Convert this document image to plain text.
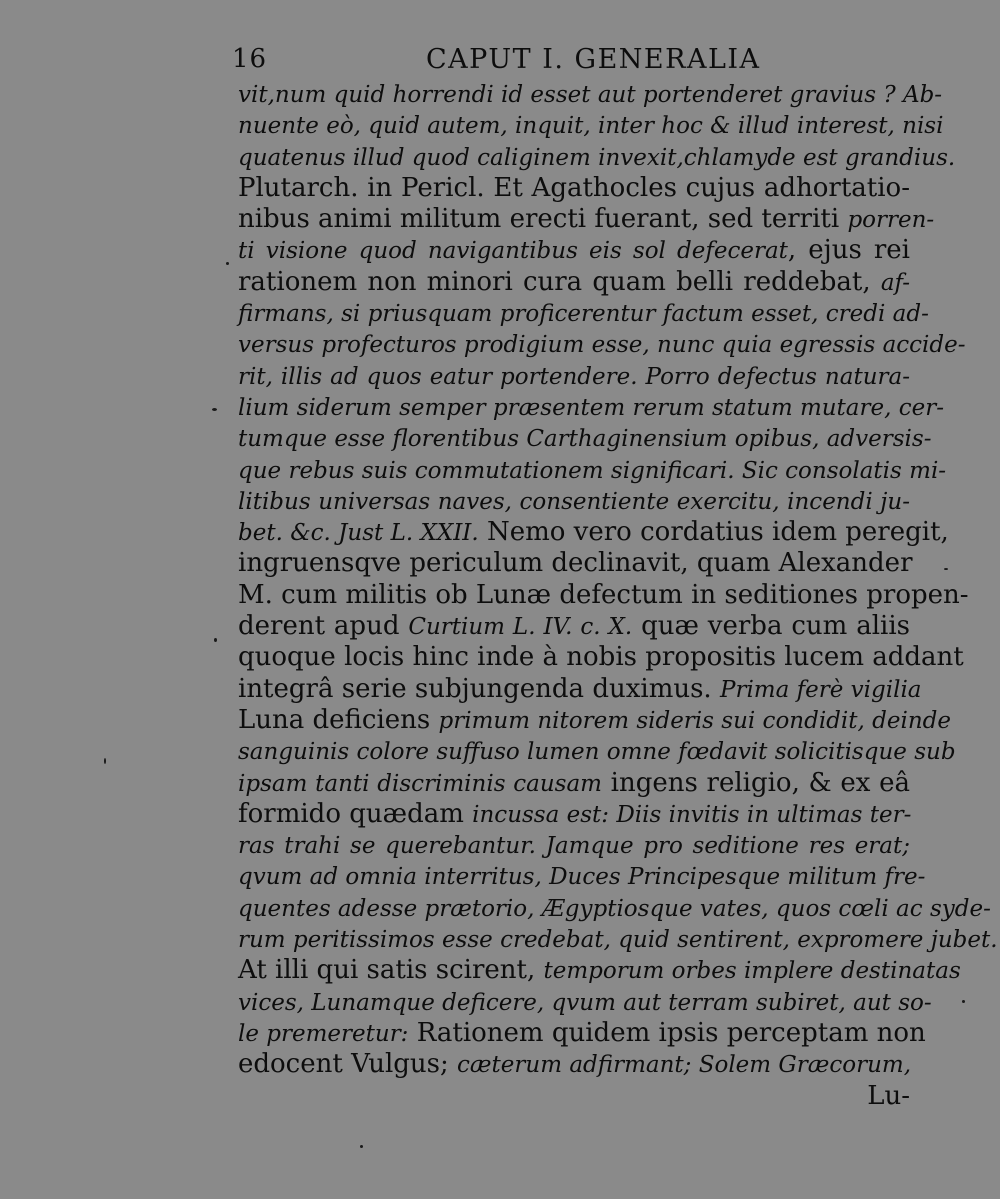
16	CAPUT I. GENERALIA
vit,num quid horrendi id esset aut portenderet gravius ? Ab-
nuente eò, quid autem, inquit, inter hoc & illud interest, nisi
quatenus illud quod caliginem invexit,chlamyde est grandius.
Plutarch. in Pericl. Et Agathocles cujus adhortatio-
nibus animi militum erecti fuerant, sed territi porren-
ti visione quod navigantibus eis sol defecerat, ejus rei
rationem non minori cura quam belli reddebat, af-
firmans, si priusquam proficerentur factum esset, credi ad-
versus profecturos prodigium esse, nunc quia egressis accide-
rit, illis ad quos eatur portendere. Porro defectus natura-
lium siderum semper præsentem rerum statum mutare, cer-
tumque esse florentibus Carthaginensium opibus, adversis-
que rebus suis commutationem significari. Sic consolatis mi-
litibus universas naves, consentiente exercitu, incendi ju-
bet. &c. Just L. XXII. Nemo vero cordatius idem peregit,
ingruensqve periculum declinavit, quam Alexander
M. cum militis ob Lunæ defectum in seditiones propen-
derent apud Curtium L. IV. c. X. quæ verba cum aliis
quoque locis hinc inde à nobis propositis lucem addant
integrâ serie subjungenda duximus. Prima ferè vigilia
Luna deficiens primum nitorem sideris sui condidit, deinde
sanguinis colore suffuso lumen omne fœdavit solicitisque sub
ipsam tanti discriminis causam ingens religio, & ex eâ
formido quædam incussa est: Diis invitis in ultimas ter-
ras trahi se querebantur. Jamque pro seditione res erat;
qvum ad omnia interritus, Duces Principesque militum fre-
quentes adesse prætorio, Ægyptiosque vates, quos cœli ac syde-
rum peritissimos esse credebat, quid sentirent, expromere jubet.
At illi qui satis scirent, temporum orbes implere destinatas
vices, Lunamque deficere, qvum aut terram subiret, aut so-
le premeretur: Rationem quidem ipsis perceptam non
edocent Vulgus; cæterum adfirmant; Solem Græcorum,
Lu-
